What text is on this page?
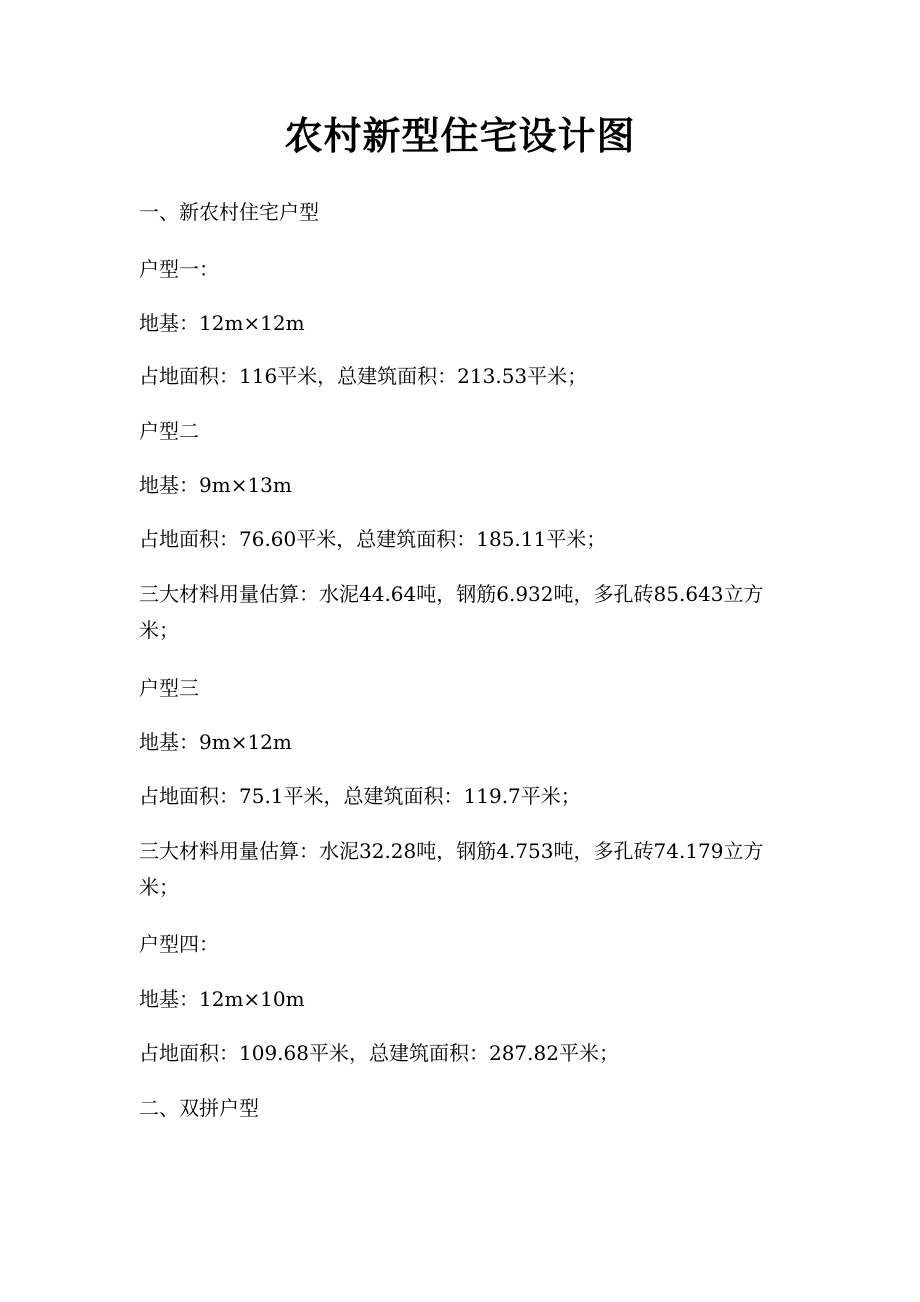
农村新型住宅设计图

一、新农村住宅户型

户型一：

地基：12m×12m

占地面积：116平米，总建筑面积：213.53平米；

户型二

地基：9m×13m

占地面积：76.60平米，总建筑面积：185.11平米；

三大材料用量估算：水泥44.64吨，钢筋6.932吨，多孔砖85.643立方米；

户型三

地基：9m×12m

占地面积：75.1平米，总建筑面积：119.7平米；

三大材料用量估算：水泥32.28吨，钢筋4.753吨，多孔砖74.179立方米；

户型四：

地基：12m×10m

占地面积：109.68平米，总建筑面积：287.82平米；

二、双拼户型
